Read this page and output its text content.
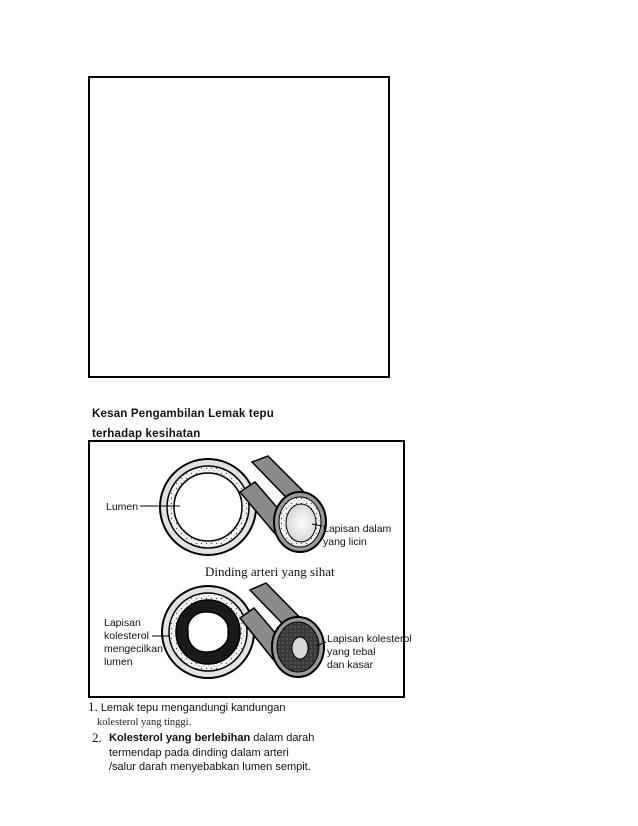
Kesan Pengambilan Lemak tepu
terhadap kesihatan
Lumen
Lapisan dalam
yang licin
Dinding arteri yang sihat
Lapisan
kolesterol
mengecilkan
lumen
Lapisan kolesterol
yang tebal
dan kasar
1. Lemak tepu mengandungi kandungan
kolesterol yang tinggi.
2. Kolesterol yang berlebihan dalam darah termendap pada dinding dalam arteri /salur darah menyebabkan lumen sempit.
